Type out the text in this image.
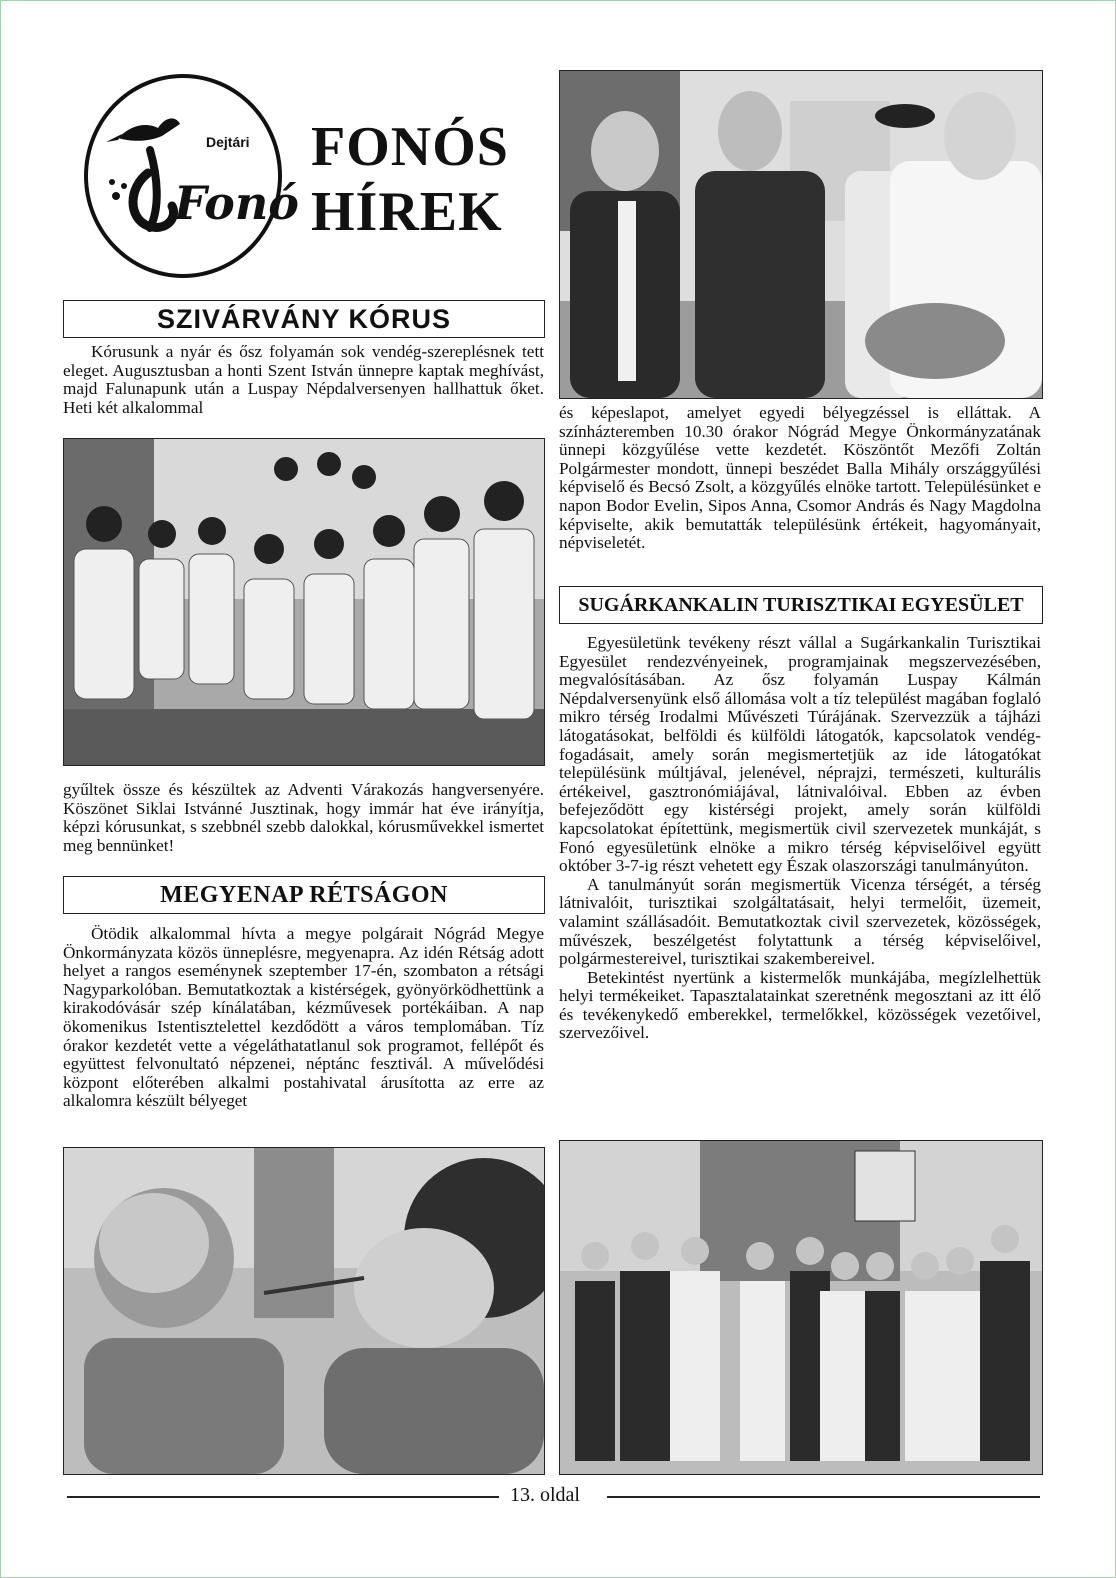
Dejtári
Fonó
FONÓS
HÍREK
SZIVÁRVÁNY KÓRUS

Kórusunk a nyár és ősz folyamán sok vendég-szereplésnek tett eleget. Augusztusban a honti Szent István ünnepre kaptak meghívást, majd Falunapunk után a Luspay Népdalversenyen hallhattuk őket. Heti két alkalommal

gyűltek össze és készültek az Adventi Várakozás hangversenyére. Köszönet Siklai Istvánné Jusztinak, hogy immár hat éve irányítja, képzi kórusunkat, s szebbnél szebb dalokkal, kórusművekkel ismertet meg bennünket!

MEGYENAP RÉTSÁGON

Ötödik alkalommal hívta a megye polgárait Nógrád Megye Önkormányzata közös ünneplésre, megyenapra. Az idén Rétság adott helyet a rangos eseménynek szeptember 17-én, szombaton a rétsági Nagyparkolóban. Bemutatkoztak a kistérségek, gyönyörködhettünk a kirakodóvásár szép kínálatában, kézművesek portékáiban. A nap ökomenikus Istentisztelettel kezdődött a város templomában. Tíz órakor kezdetét vette a végeláthatatlanul sok programot, fellépőt és együttest felvonultató népzenei, néptánc fesztivál. A művelődési központ előterében alkalmi postahivatal árusította az erre az alkalomra készült bélyeget

és képeslapot, amelyet egyedi bélyegzéssel is elláttak. A színházteremben 10.30 órakor Nógrád Megye Önkormányzatának ünnepi közgyűlése vette kezdetét. Köszöntőt Mezőfi Zoltán Polgármester mondott, ünnepi beszédet Balla Mihály országgyűlési képviselő és Becsó Zsolt, a közgyűlés elnöke tartott. Településünket e napon Bodor Evelin, Sipos Anna, Csomor András és Nagy Magdolna képviselte, akik bemutatták településünk értékeit, hagyományait, népviseletét.

SUGÁRKANKALIN TURISZTIKAI EGYESÜLET

Egyesületünk tevékeny részt vállal a Sugárkankalin Turisztikai Egyesület rendezvényeinek, programjainak megszervezésében, megvalósításában. Az ősz folyamán Luspay Kálmán Népdalversenyünk első állomása volt a tíz települést magában foglaló mikro térség Irodalmi Művészeti Túrájának. Szervezzük a tájházi látogatásokat, belföldi és külföldi látogatók, kapcsolatok vendég-fogadásait, amely során megismertetjük az ide látogatókat településünk múltjával, jelenével, néprajzi, természeti, kulturális értékeivel, gasztronómiájával, látnivalóival. Ebben az évben befejeződött egy kistérségi projekt, amely során külföldi kapcsolatokat építettünk, megismertük civil szervezetek munkáját, s Fonó egyesületünk elnöke a mikro térség képviselőivel együtt október 3-7-ig részt vehetett egy Észak olaszországi tanulmányúton.

A tanulmányút során megismertük Vicenza térségét, a térség látnivalóit, turisztikai szolgáltatásait, helyi termelőit, üzemeit, valamint szállásadóit. Bemutatkoztak civil szervezetek, közösségek, művészek, beszélgetést folytattunk a térség képviselőivel, polgármestereivel, turisztikai szakembereivel.

Betekintést nyertünk a kistermelők munkájába, megízlelhettük helyi termékeiket. Tapasztalatainkat szeretnénk megosztani az itt élő és tevékenykedő emberekkel, termelőkkel, közösségek vezetőivel, szervezőivel.

13. oldal
